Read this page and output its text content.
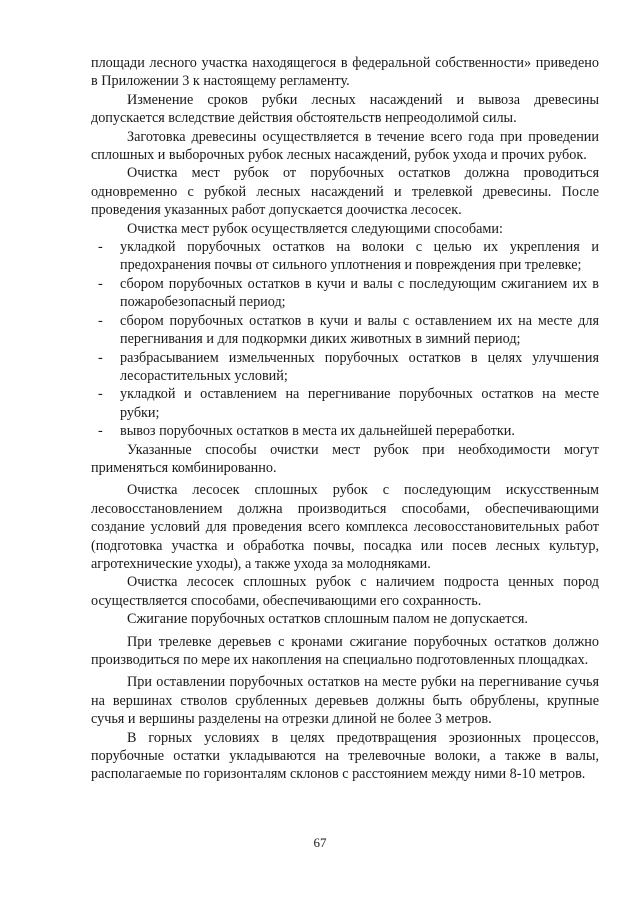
площади лесного участка находящегося в федеральной собственности» приведено в Приложении 3 к настоящему регламенту.

Изменение сроков рубки лесных насаждений и вывоза древесины допускается вследствие действия обстоятельств непреодолимой силы.

Заготовка древесины осуществляется в течение всего года при проведении сплошных и выборочных рубок лесных насаждений, рубок ухода и прочих рубок.

Очистка мест рубок от порубочных остатков должна проводиться одновременно с рубкой лесных насаждений и трелевкой древесины. После проведения указанных работ допускается доочистка лесосек.

Очистка мест рубок осуществляется следующими способами:

- укладкой порубочных остатков на волоки с целью их укрепления и предохранения почвы от сильного уплотнения и повреждения при трелевке;
- сбором порубочных остатков в кучи и валы с последующим сжиганием их в пожаробезопасный период;
- сбором порубочных остатков в кучи и валы с оставлением их на месте для перегнивания и для подкормки диких животных в зимний период;
- разбрасыванием измельченных порубочных остатков в целях улучшения лесорастительных условий;
- укладкой и оставлением на перегнивание порубочных остатков на месте рубки;
- вывоз порубочных остатков в места их дальнейшей переработки.

Указанные способы очистки мест рубок при необходимости могут применяться комбинированно.

Очистка лесосек сплошных рубок с последующим искусственным лесовосстановлением должна производиться способами, обеспечивающими создание условий для проведения всего комплекса лесовосстановительных работ (подготовка участка и обработка почвы, посадка или посев лесных культур, агротехнические уходы), а также ухода за молодняками.

Очистка лесосек сплошных рубок с наличием подроста ценных пород осуществляется способами, обеспечивающими его сохранность.

Сжигание порубочных остатков сплошным палом не допускается.

При трелевке деревьев с кронами сжигание порубочных остатков должно производиться по мере их накопления на специально подготовленных площадках.

При оставлении порубочных остатков на месте рубки на перегнивание сучья на вершинах стволов срубленных деревьев должны быть обрублены, крупные сучья и вершины разделены на отрезки длиной не более 3 метров.

В горных условиях в целях предотвращения эрозионных процессов, порубочные остатки укладываются на трелевочные волоки, а также в валы, располагаемые по горизонталям склонов с расстоянием между ними 8-10 метров.

67
